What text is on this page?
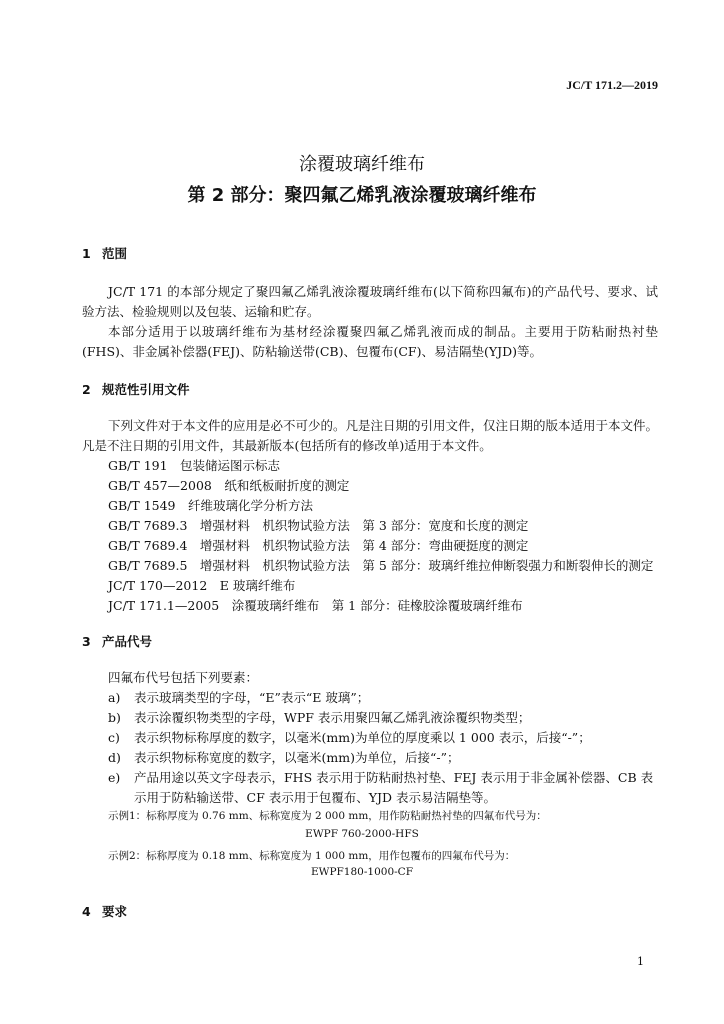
JC/T 171.2—2019
涂覆玻璃纤维布
第 2 部分：聚四氟乙烯乳液涂覆玻璃纤维布
1 范围
JC/T 171 的本部分规定了聚四氟乙烯乳液涂覆玻璃纤维布(以下简称四氟布)的产品代号、要求、试验方法、检验规则以及包装、运输和贮存。
本部分适用于以玻璃纤维布为基材经涂覆聚四氟乙烯乳液而成的制品。主要用于防粘耐热衬垫(FHS)、非金属补偿器(FEJ)、防粘输送带(CB)、包覆布(CF)、易洁隔垫(YJD)等。
2 规范性引用文件
下列文件对于本文件的应用是必不可少的。凡是注日期的引用文件，仅注日期的版本适用于本文件。凡是不注日期的引用文件，其最新版本(包括所有的修改单)适用于本文件。
GB/T 191　包装储运图示标志
GB/T 457—2008　纸和纸板耐折度的测定
GB/T 1549　纤维玻璃化学分析方法
GB/T 7689.3　增强材料　机织物试验方法　第 3 部分：宽度和长度的测定
GB/T 7689.4　增强材料　机织物试验方法　第 4 部分：弯曲硬挺度的测定
GB/T 7689.5　增强材料　机织物试验方法　第 5 部分：玻璃纤维拉伸断裂强力和断裂伸长的测定
JC/T 170—2012　E 玻璃纤维布
JC/T 171.1—2005　涂覆玻璃纤维布　第 1 部分：硅橡胶涂覆玻璃纤维布
3 产品代号
四氟布代号包括下列要素：
a) 表示玻璃类型的字母，“E”表示“E 玻璃”；
b) 表示涂覆织物类型的字母，WPF 表示用聚四氟乙烯乳液涂覆织物类型；
c) 表示织物标称厚度的数字，以毫米(mm)为单位的厚度乘以 1 000 表示，后接“-”；
d) 表示织物标称宽度的数字，以毫米(mm)为单位，后接“-”；
e) 产品用途以英文字母表示，FHS 表示用于防粘耐热衬垫、FEJ 表示用于非金属补偿器、CB 表示用于防粘输送带、CF 表示用于包覆布、YJD 表示易洁隔垫等。
示例1：标称厚度为 0.76 mm、标称宽度为 2 000 mm，用作防粘耐热衬垫的四氟布代号为：
EWPF 760-2000-HFS
示例2：标称厚度为 0.18 mm、标称宽度为 1 000 mm，用作包覆布的四氟布代号为：
EWPF180-1000-CF
4 要求
1
